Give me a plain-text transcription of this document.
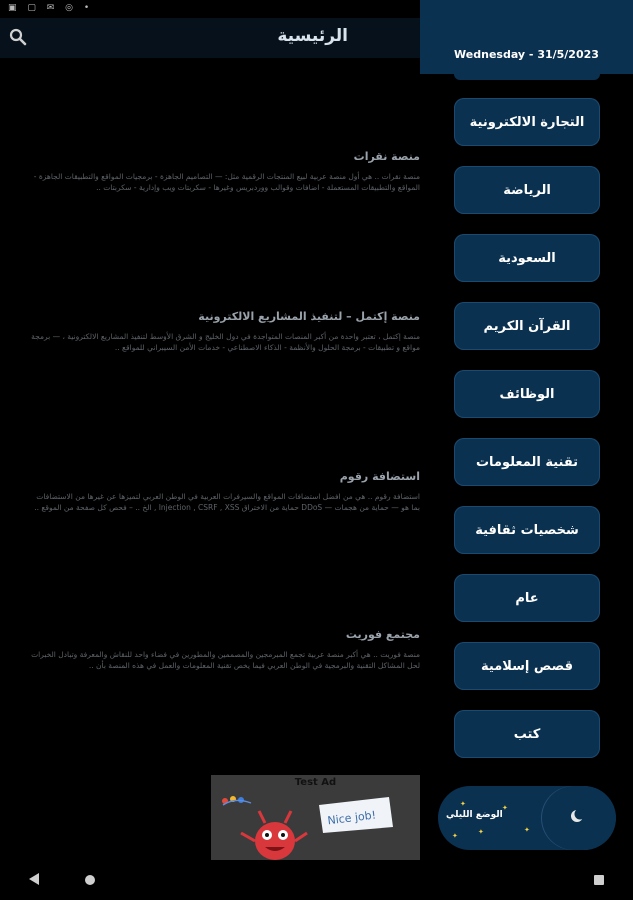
▣ ▢ ✉ ◎ •
الرئيسية
منصة نقرات
منصة نقرات .. هي أول منصة عربية لبيع المنتجات الرقمية مثل: — التصاميم الجاهزة - برمجيات المواقع والتطبيقات الجاهزة - المواقع والتطبيقات المستعملة - اضافات وقوالب ووردبريس وغيرها - سكربتات ويب وإدارية - سكربتات ..
منصة إكتمل – لتنفيذ المشاريع الالكترونية
منصة إكتمل ، تعتبر واحدة من أكبر المنصات المتواجدة في دول الخليج و الشرق الأوسط لتنفيذ المشاريع الالكترونية ، — برمجة مواقع و تطبيقات - برمجة الحلول والأنظمة - الذكاء الاصطناعي - خدمات الأمن السيبراني للمواقع ..
استضافة رقوم
استضافة رقوم .. هي من افضل استضافات المواقع والسيرفرات العربية في الوطن العربي لتميزها عن غيرها من الاستضافات بما هو — حماية من هجمات — DDoS حماية من الاختراق Injection , CSRF , XSS , الخ .. – فحص كل صفحة من الموقع ..
مجتمع فوريت
منصة فوريت .. هي أكبر منصة عربية تجمع المبرمجين والمصممين والمطورين في فضاء واحد للنقاش والمعرفة وتبادل الخبرات لحل المشاكل التقنية والبرمجية في الوطن العربي فيما يخص تقنية المعلومات والعمل في هذه المنصة بأن ..
Nice job!
Test Ad
Wednesday - 31/5/2023
التجارة الالكترونية
الرياضة
السعودية
القرآن الكريم
الوظائف
تقنية المعلومات
شخصيات ثقافية
عام
قصص إسلامية
كتب
✦
✦
✦
✦
✦
الوضع الليلي
